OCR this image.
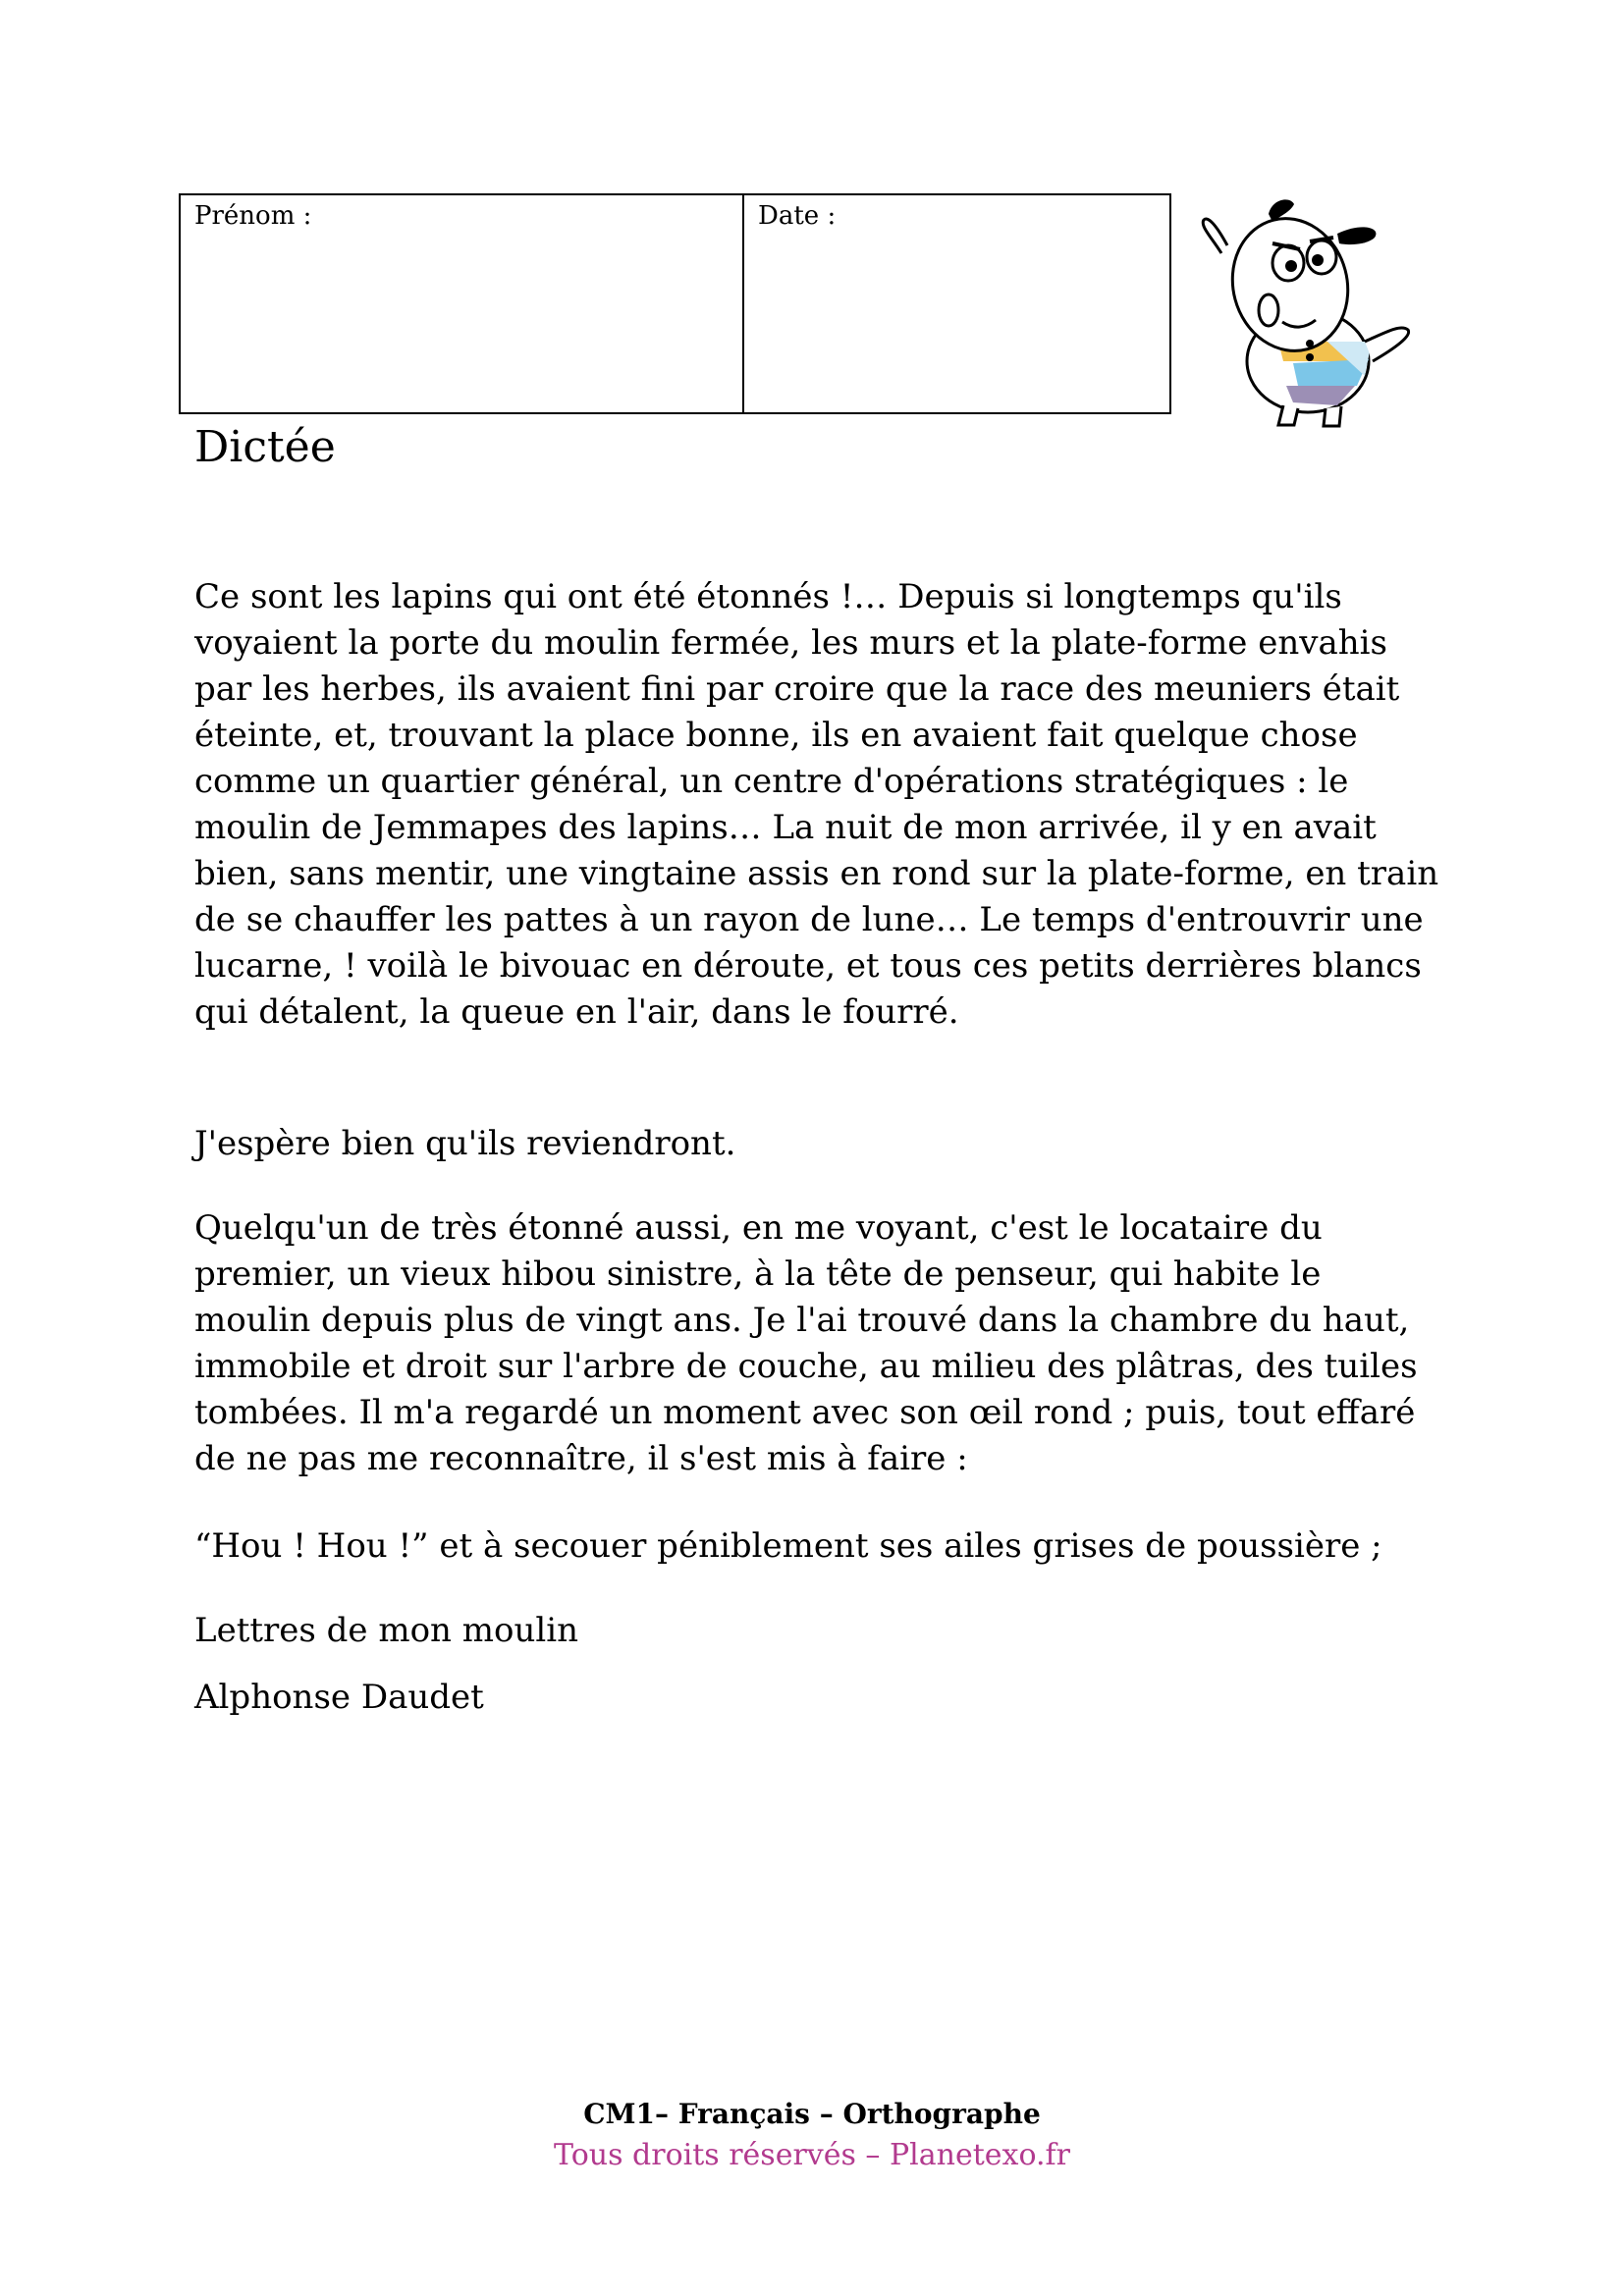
Prénom :	Date :
Dictée

Ce sont les lapins qui ont été étonnés !… Depuis si longtemps qu'ils voyaient la porte du moulin fermée, les murs et la plate-forme envahis par les herbes, ils avaient fini par croire que la race des meuniers était éteinte, et, trouvant la place bonne, ils en avaient fait quelque chose comme un quartier général, un centre d'opérations stratégiques : le moulin de Jemmapes des lapins… La nuit de mon arrivée, il y en avait bien, sans mentir, une vingtaine assis en rond sur la plate-forme, en train de se chauffer les pattes à un rayon de lune… Le temps d'entrouvrir une lucarne, ! voilà le bivouac en déroute, et tous ces petits derrières blancs qui détalent, la queue en l'air, dans le fourré.

J'espère bien qu'ils reviendront.

Quelqu'un de très étonné aussi, en me voyant, c'est le locataire du premier, un vieux hibou sinistre, à la tête de penseur, qui habite le moulin depuis plus de vingt ans. Je l'ai trouvé dans la chambre du haut, immobile et droit sur l'arbre de couche, au milieu des plâtras, des tuiles tombées. Il m'a regardé un moment avec son œil rond ; puis, tout effaré de ne pas me reconnaître, il s'est mis à faire :

“Hou ! Hou !” et à secouer péniblement ses ailes grises de poussière ;

Lettres de mon moulin

Alphonse Daudet

CM1– Français – Orthographe
Tous droits réservés – Planetexo.fr
